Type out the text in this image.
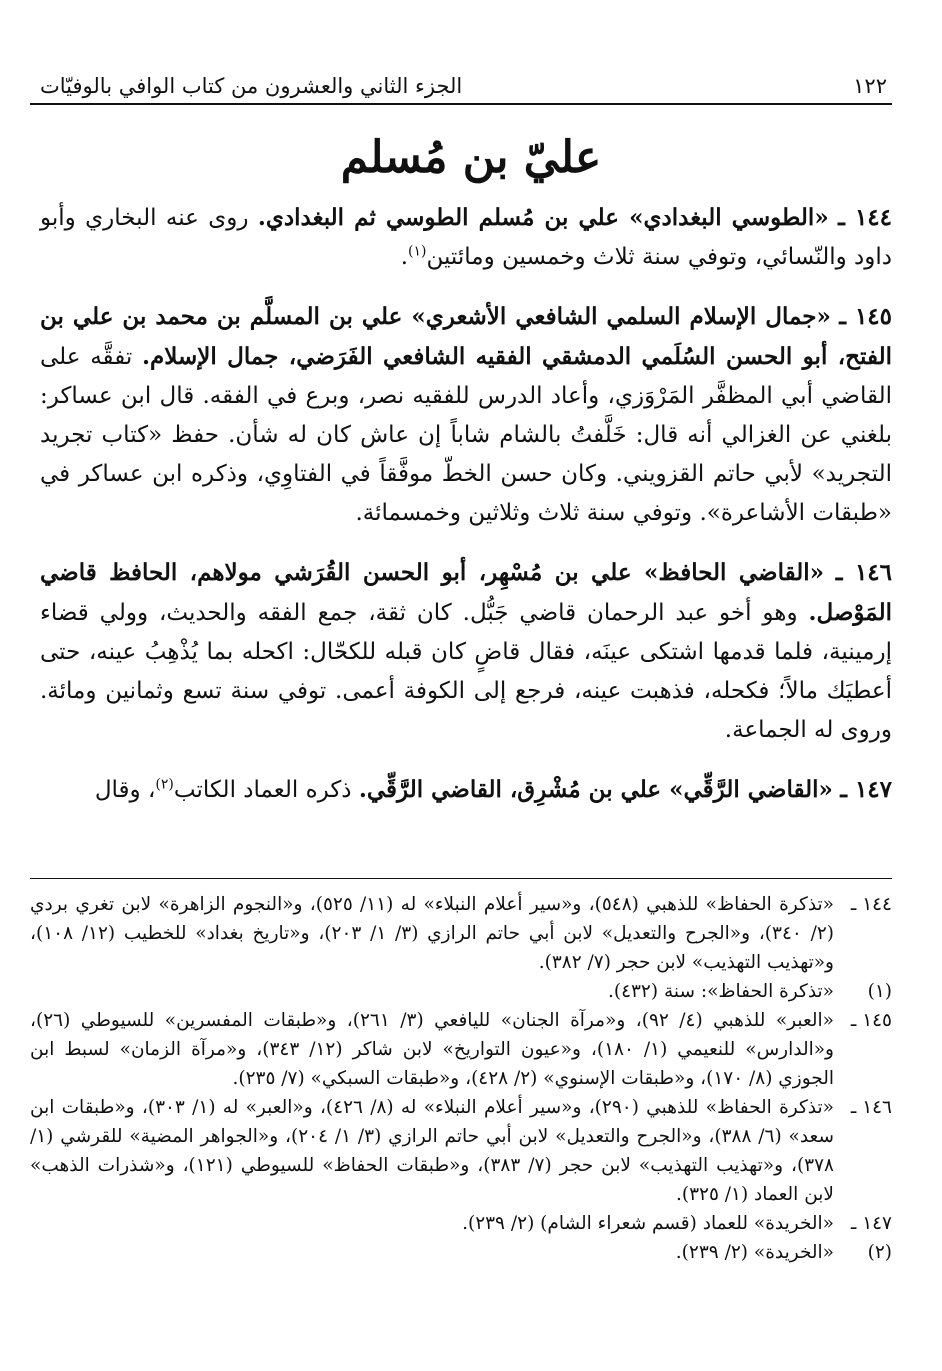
١٢٢
الجزء الثاني والعشرون من كتاب الوافي بالوفيّات
عليّ بن مُسلم

١٤٤ ـ «الطوسي البغدادي» علي بن مُسلم الطوسي ثم البغدادي. روى عنه البخاري وأبو داود والنّسائي، وتوفي سنة ثلاث وخمسين ومائتين$^{(١)}$.

١٤٥ ـ «جمال الإسلام السلمي الشافعي الأشعري» علي بن المسلَّم بن محمد بن علي بن الفتح، أبو الحسن السُلَمي الدمشقي الفقيه الشافعي الفَرَضي، جمال الإسلام. تفقَّه على القاضي أبي المظفَّر المَرْوَزي، وأعاد الدرس للفقيه نصر، وبرع في الفقه. قال ابن عساكر: بلغني عن الغزالي أنه قال: خَلَّفتُ بالشام شاباً إن عاش كان له شأن. حفظ «كتاب تجريد التجريد» لأبي حاتم القزويني. وكان حسن الخطّ موفَّقاً في الفتاوِي، وذكره ابن عساكر في «طبقات الأشاعرة». وتوفي سنة ثلاث وثلاثين وخمسمائة.

١٤٦ ـ «القاضي الحافظ» علي بن مُسْهِر، أبو الحسن القُرَشي مولاهم، الحافظ قاضي المَوْصل. وهو أخو عبد الرحمان قاضي جَبُّل. كان ثقة، جمع الفقه والحديث، وولي قضاء إرمينية، فلما قدمها اشتكى عينَه، فقال قاضٍ كان قبله للكحّال: اكحله بما يُذْهِبُ عينه، حتى أعطيَك مالاً؛ فكحله، فذهبت عينه، فرجع إلى الكوفة أعمى. توفي سنة تسع وثمانين ومائة. وروى له الجماعة.

١٤٧ ـ «القاضي الرَّقِّي» علي بن مُشْرِق، القاضي الرَّقِّي. ذكره العماد الكاتب$^{(٢)}$، وقال

١٤٤ ـ
«تذكرة الحفاظ» للذهبي (٥٤٨)، و«سير أعلام النبلاء» له (١١/ ٥٢٥)، و«النجوم الزاهرة» لابن تغري بردي (٢/ ٣٤٠)، و«الجرح والتعديل» لابن أبي حاتم الرازي (٣/ ١/ ٢٠٣)، و«تاريخ بغداد» للخطيب (١٢/ ١٠٨)، و«تهذيب التهذيب» لابن حجر (٧/ ٣٨٢).
(١)
«تذكرة الحفاظ»: سنة (٤٣٢).
١٤٥ ـ
«العبر» للذهبي (٤/ ٩٢)، و«مرآة الجنان» لليافعي (٣/ ٢٦١)، و«طبقات المفسرين» للسيوطي (٢٦)، و«الدارس» للنعيمي (١/ ١٨٠)، و«عيون التواريخ» لابن شاكر (١٢/ ٣٤٣)، و«مرآة الزمان» لسبط ابن الجوزي (٨/ ١٧٠)، و«طبقات الإسنوي» (٢/ ٤٢٨)، و«طبقات السبكي» (٧/ ٢٣٥).
١٤٦ ـ
«تذكرة الحفاظ» للذهبي (٢٩٠)، و«سير أعلام النبلاء» له (٨/ ٤٢٦)، و«العبر» له (١/ ٣٠٣)، و«طبقات ابن سعد» (٦/ ٣٨٨)، و«الجرح والتعديل» لابن أبي حاتم الرازي (٣/ ١/ ٢٠٤)، و«الجواهر المضية» للقرشي (١/ ٣٧٨)، و«تهذيب التهذيب» لابن حجر (٧/ ٣٨٣)، و«طبقات الحفاظ» للسيوطي (١٢١)، و«شذرات الذهب» لابن العماد (١/ ٣٢٥).
١٤٧ ـ
«الخريدة» للعماد (قسم شعراء الشام) (٢/ ٢٣٩).
(٢)
«الخريدة» (٢/ ٢٣٩).
